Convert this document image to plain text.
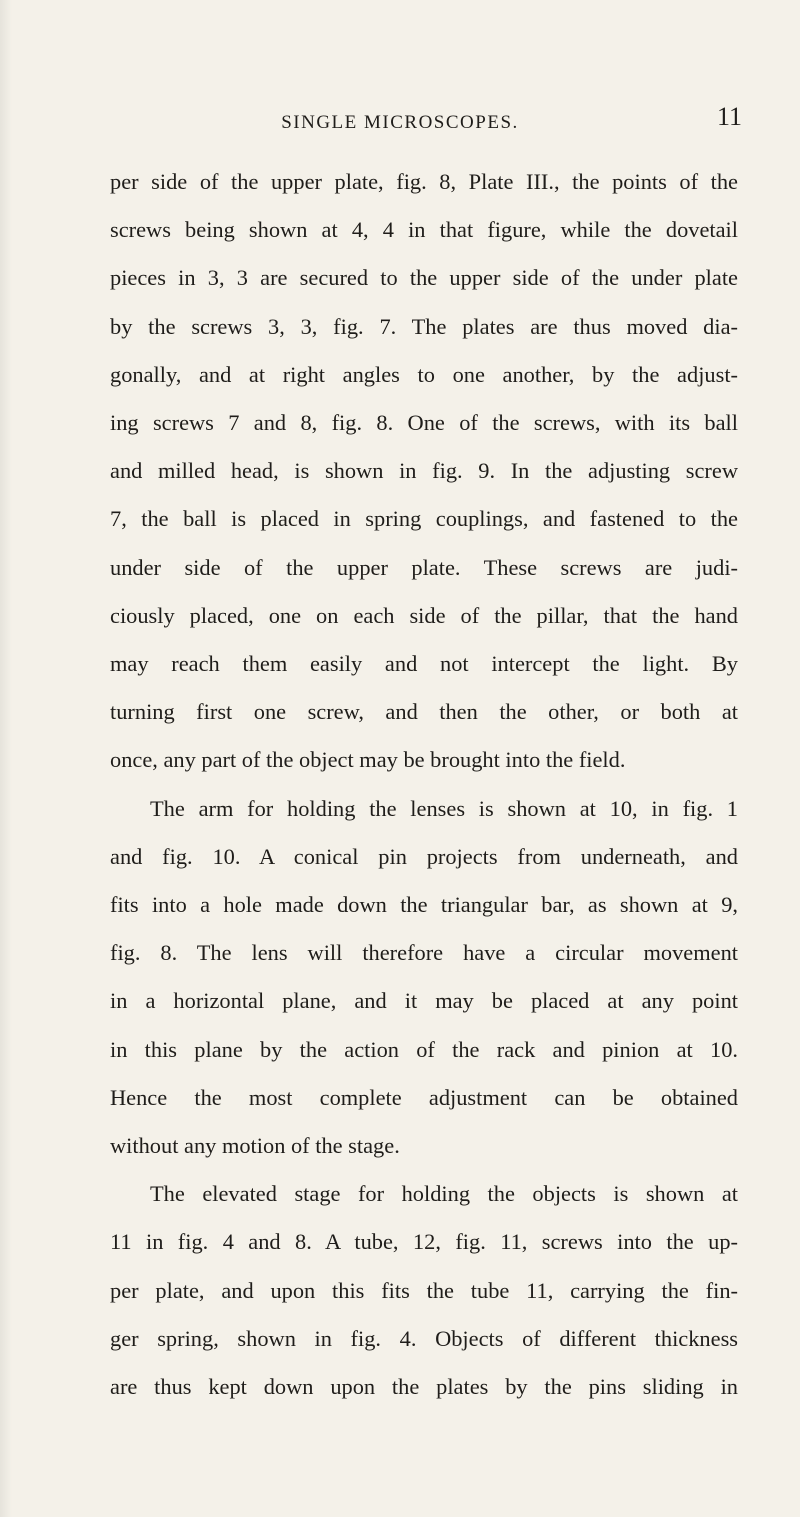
SINGLE MICROSCOPES.	11
per side of the upper plate, fig. 8, Plate III., the points of the
screws being shown at 4, 4 in that figure, while the dovetail
pieces in 3, 3 are secured to the upper side of the under plate
by the screws 3, 3, fig. 7. The plates are thus moved dia-
gonally, and at right angles to one another, by the adjust-
ing screws 7 and 8, fig. 8. One of the screws, with its ball
and milled head, is shown in fig. 9. In the adjusting screw
7, the ball is placed in spring couplings, and fastened to the
under side of the upper plate. These screws are judi-
ciously placed, one on each side of the pillar, that the hand
may reach them easily and not intercept the light. By
turning first one screw, and then the other, or both at
once, any part of the object may be brought into the field.
The arm for holding the lenses is shown at 10, in fig. 1
and fig. 10. A conical pin projects from underneath, and
fits into a hole made down the triangular bar, as shown at 9,
fig. 8. The lens will therefore have a circular movement
in a horizontal plane, and it may be placed at any point
in this plane by the action of the rack and pinion at 10.
Hence the most complete adjustment can be obtained
without any motion of the stage.
The elevated stage for holding the objects is shown at
11 in fig. 4 and 8. A tube, 12, fig. 11, screws into the up-
per plate, and upon this fits the tube 11, carrying the fin-
ger spring, shown in fig. 4. Objects of different thickness
are thus kept down upon the plates by the pins sliding in
